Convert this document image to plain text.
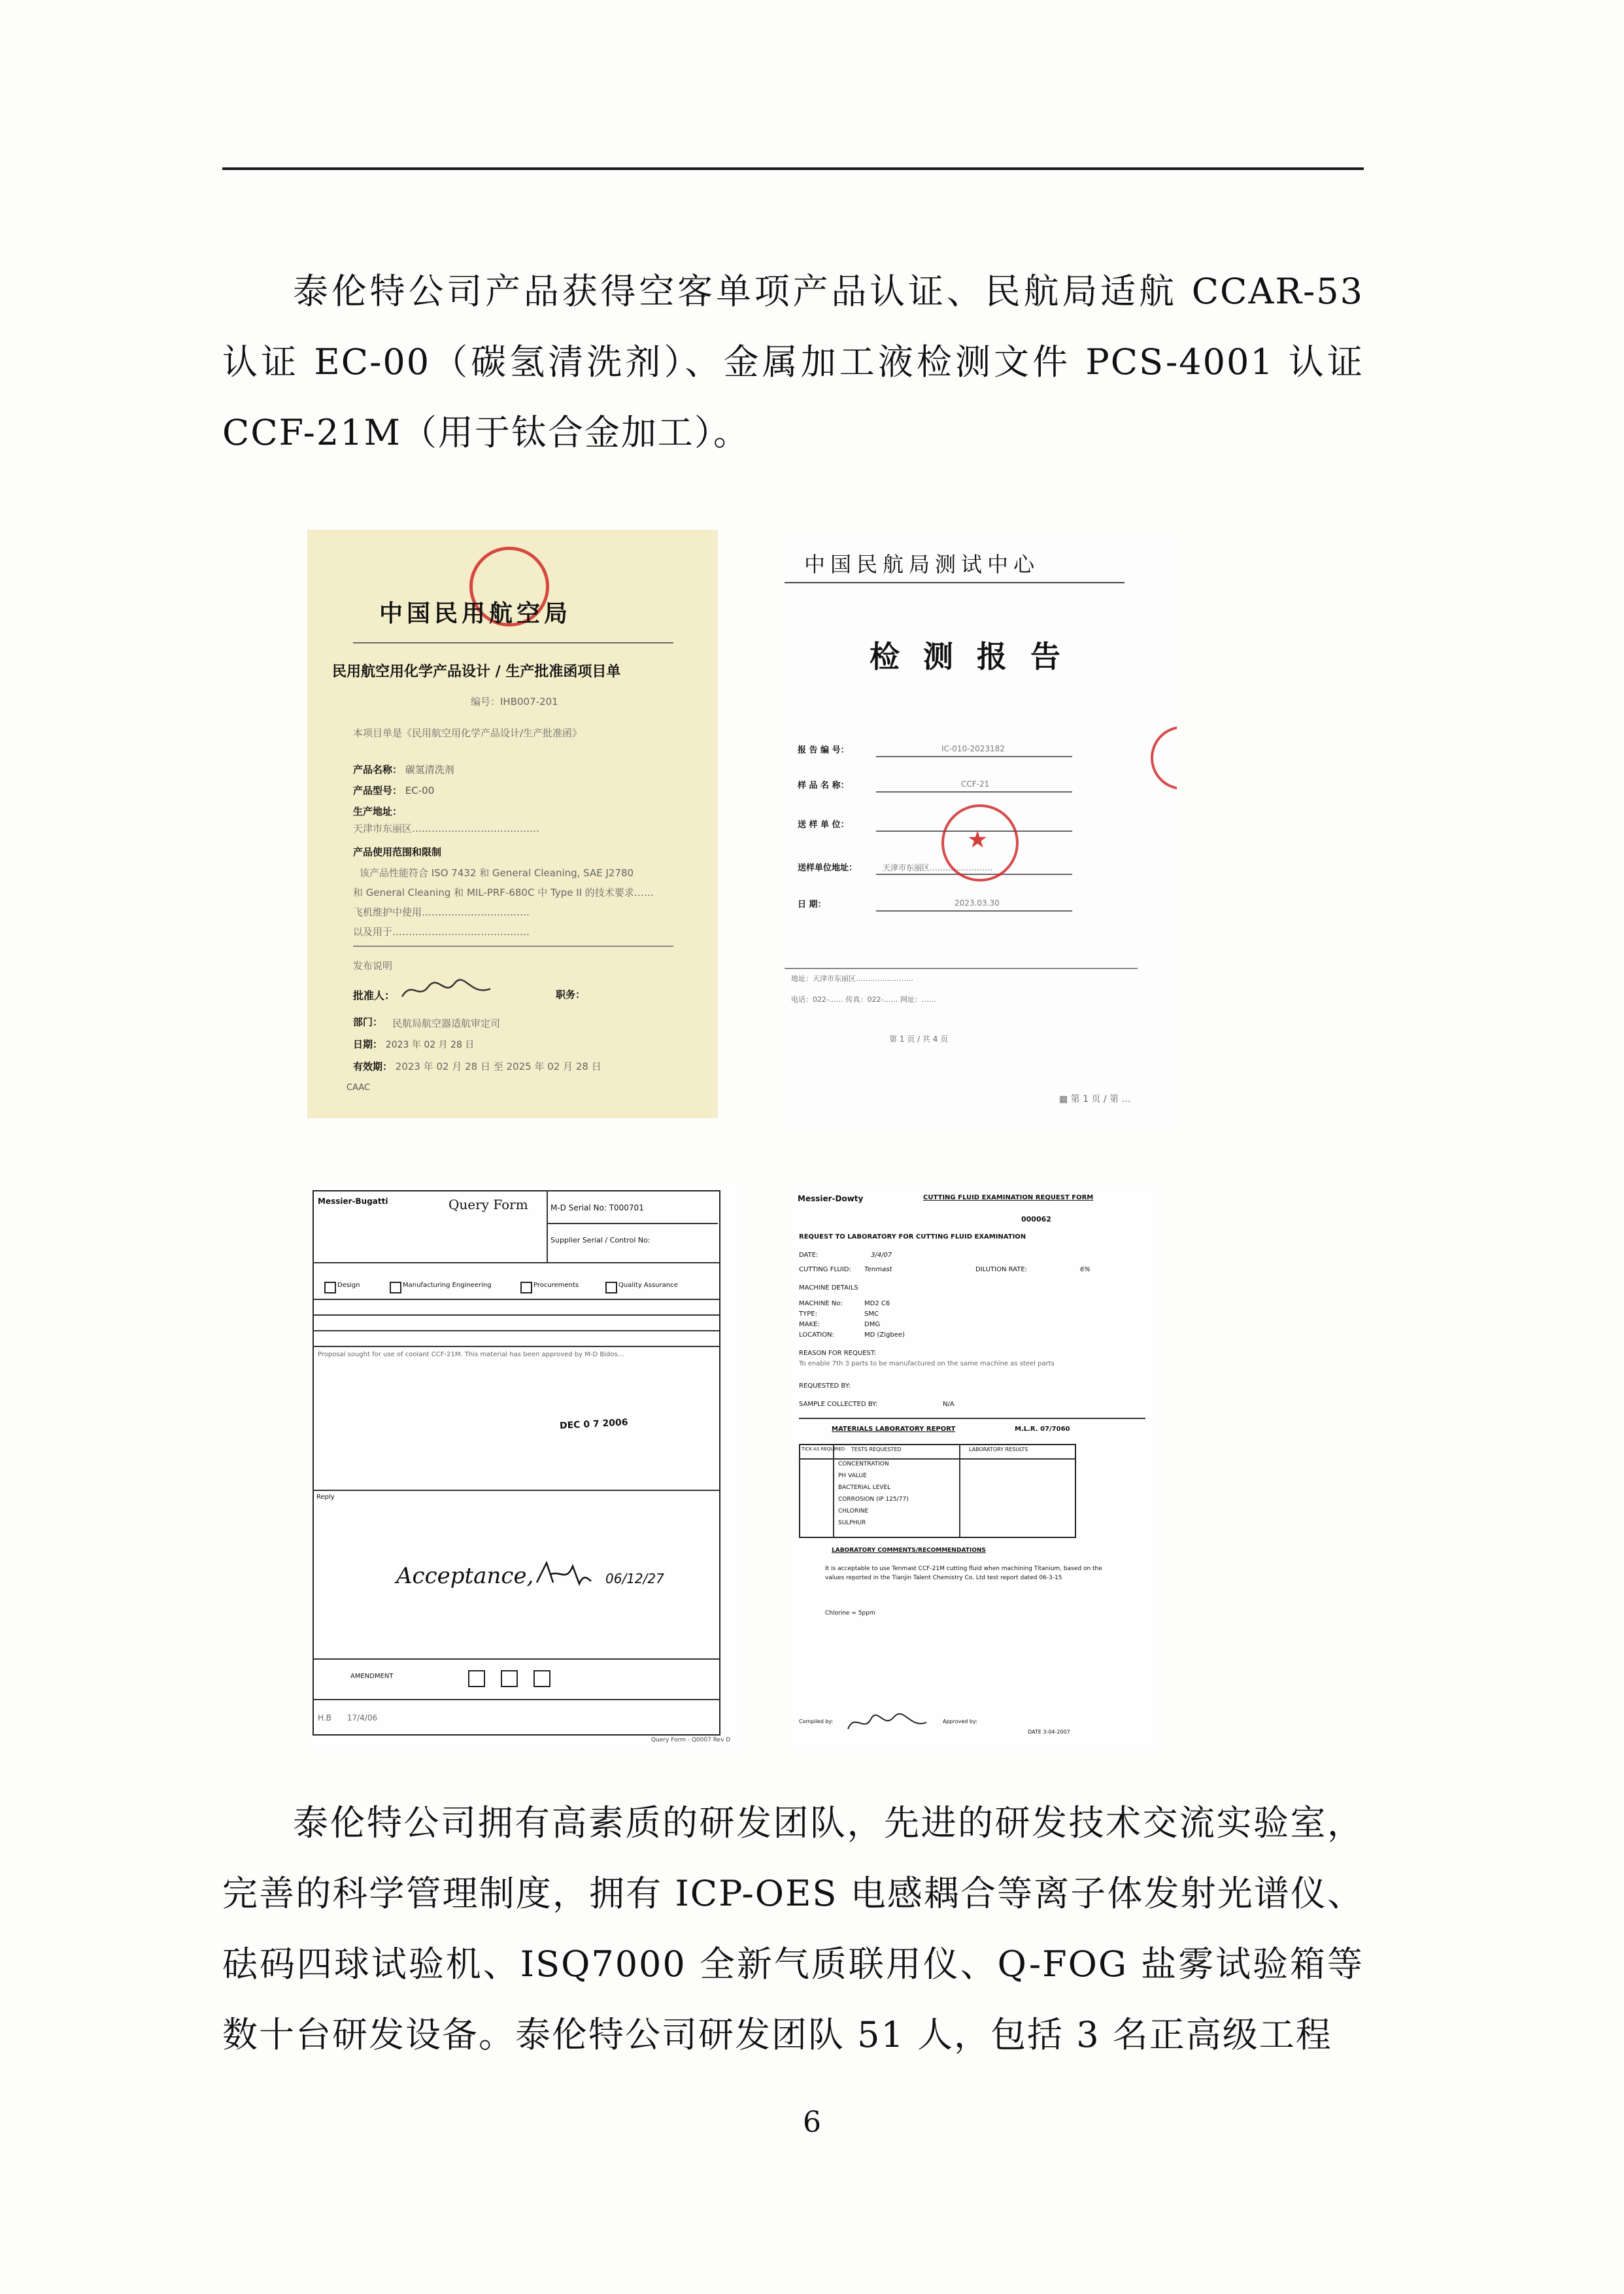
泰伦特公司产品获得空客单项产品认证、民航局适航 CCAR-53 认证 EC-00（碳氢清洗剂）、金属加工液检测文件 PCS-4001 认证 CCF-21M（用于钛合金加工）。

中国民用航空局
民用航空用化学产品设计 / 生产批准函项目单
编号：IHB007-201
本项目单是《民用航空用化学产品设计/生产批准函》
产品名称： 碳氢清洗剂
产品型号： EC-00
生产地址：
天津市东丽区…………………………………
产品使用范围和限制
该产品性能符合 ISO 7432 和 General Cleaning, SAE J2780
和 General Cleaning 和 MIL-PRF-680C 中 Type II 的技术要求……
飞机维护中使用……………………………
以及用于……………………………………
发布说明
批准人：	职务：
部门： 民航局航空器适航审定司
日期： 2023 年 02 月 28 日
有效期： 2023 年 02 月 28 日 至 2025 年 02 月 28 日
CAAC
中国民航局测试中心
检 测 报 告
报 告 编 号：	IC-010-2023182
样 品 名 称：	CCF-21
送 样 单 位：
送样单位地址：	天津市东丽区……………………
日 期：	2023.03.30
★
地址：天津市东丽区……………………
电话：022-…… 传真：022-…… 网址：……
第 1 页 / 共 4 页
▦ 第 1 页 / 第 …
Messier-Bugatti	Query Form	M-D Serial No: T000701
Supplier Serial / Control No:
Design	Manufacturing Engineering	Procurements	Quality Assurance
Proposal sought for use of coolant CCF-21M. This material has been approved by M-D Bidos…
DEC 0 7 2006
Reply
Acceptance,	06/12/27
AMENDMENT
H.B　　17/4/06
Query Form - Q0007 Rev D
Messier-Dowty	CUTTING FLUID EXAMINATION REQUEST FORM
000062
REQUEST TO LABORATORY FOR CUTTING FLUID EXAMINATION
DATE:	3/4/07
CUTTING FLUID: Tenmast	DILUTION RATE:	6%
MACHINE DETAILS
MACHINE No:	MD2 C6
TYPE:	SMC
MAKE:	DMG
LOCATION:	MD (Zigbee)
REASON FOR REQUEST:
To enable 7th 3 parts to be manufactured on the same machine as steel parts
REQUESTED BY:
SAMPLE COLLECTED BY:	N/A
MATERIALS LABORATORY REPORT	M.L.R. 07/7060
TICK AS REQUIRED TESTS REQUESTED	LABORATORY RESULTS
CONCENTRATION
PH VALUE
BACTERIAL LEVEL
CORROSION (IP 125/77)
CHLORINE
SULPHUR
LABORATORY COMMENTS/RECOMMENDATIONS
It is acceptable to use Tenmast CCF-21M cutting fluid when machining Titanium, based on the values reported in the Tianjin Talent Chemistry Co. Ltd test report dated 06-3-15
Chlorine = 5ppm
Compiled by:	Approved by:
DATE 3-04-2007

泰伦特公司拥有高素质的研发团队，先进的研发技术交流实验室，完善的科学管理制度，拥有 ICP-OES 电感耦合等离子体发射光谱仪、砝码四球试验机、ISQ7000 全新气质联用仪、Q-FOG 盐雾试验箱等数十台研发设备。泰伦特公司研发团队 51 人，包括 3 名正高级工程

6
